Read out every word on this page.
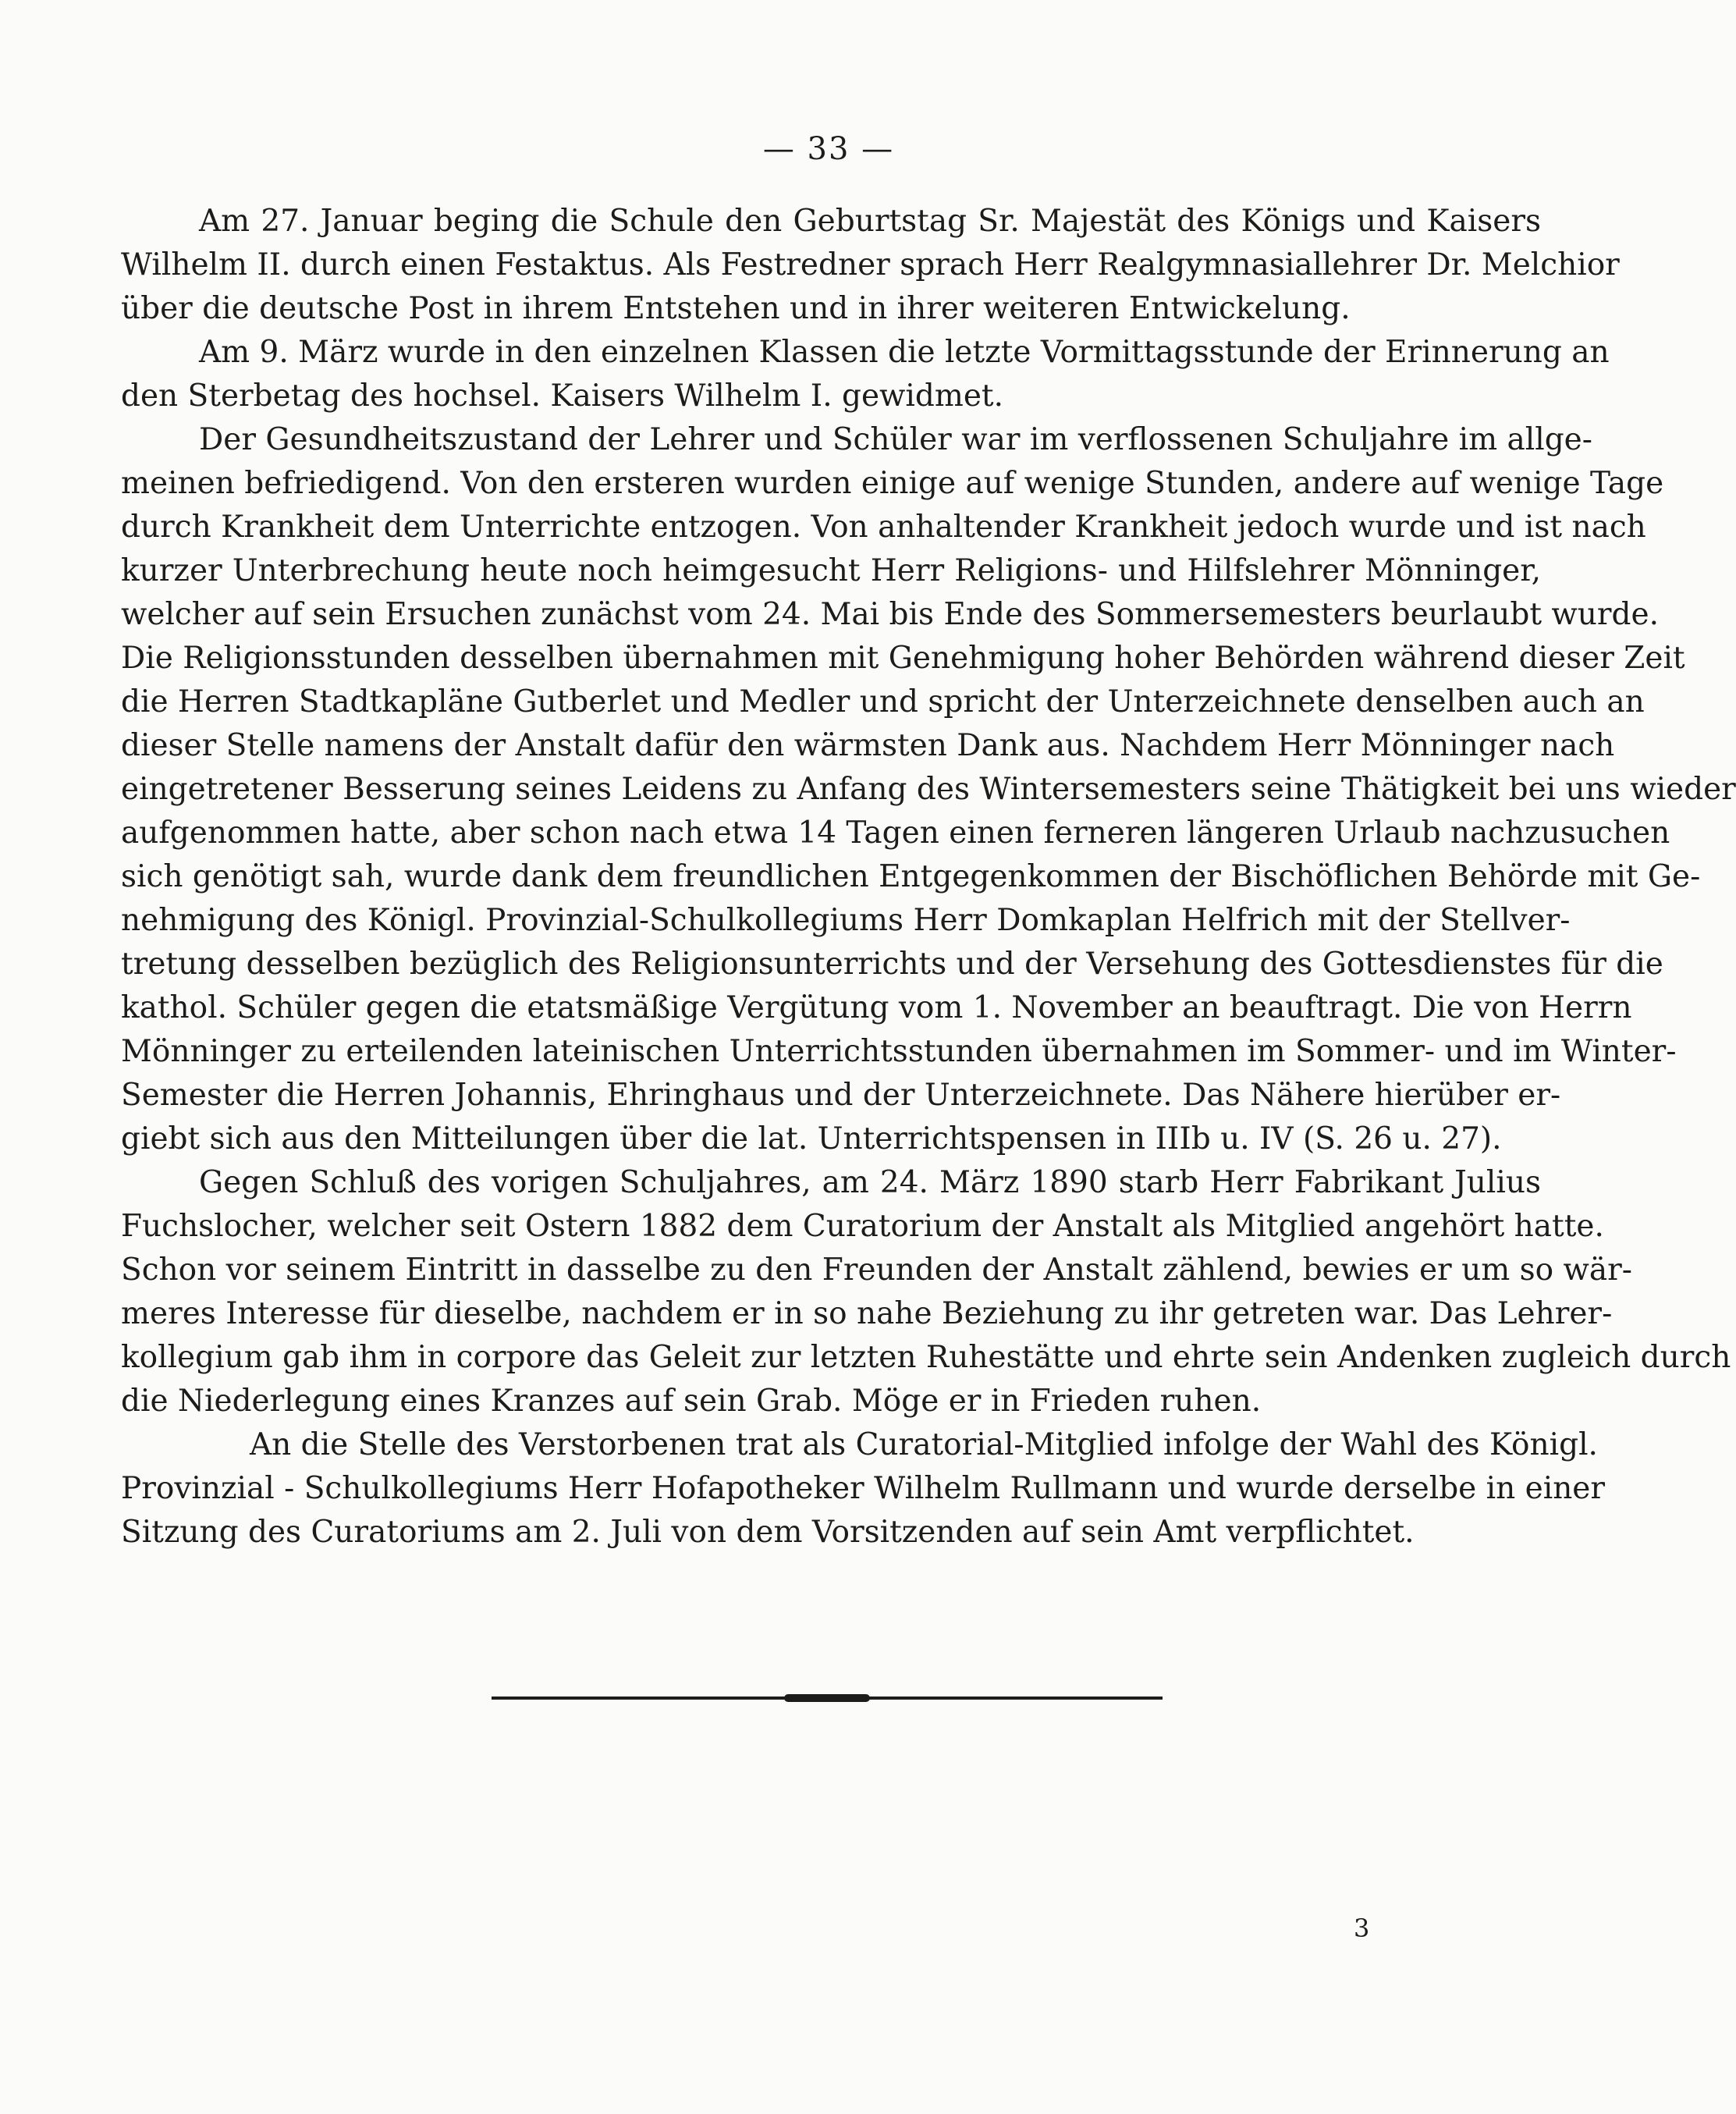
— 33 —
Am 27. Januar beging die Schule den Geburtstag Sr. Majestät des Königs und Kaisers
Wilhelm II. durch einen Festaktus. Als Festredner sprach Herr Realgymnasiallehrer Dr. Melchior
über die deutsche Post in ihrem Entstehen und in ihrer weiteren Entwickelung.
Am 9. März wurde in den einzelnen Klassen die letzte Vormittagsstunde der Erinnerung an
den Sterbetag des hochsel. Kaisers Wilhelm I. gewidmet.
Der Gesundheitszustand der Lehrer und Schüler war im verflossenen Schuljahre im allge-
meinen befriedigend. Von den ersteren wurden einige auf wenige Stunden, andere auf wenige Tage
durch Krankheit dem Unterrichte entzogen. Von anhaltender Krankheit jedoch wurde und ist nach
kurzer Unterbrechung heute noch heimgesucht Herr Religions- und Hilfslehrer Mönninger,
welcher auf sein Ersuchen zunächst vom 24. Mai bis Ende des Sommersemesters beurlaubt wurde.
Die Religionsstunden desselben übernahmen mit Genehmigung hoher Behörden während dieser Zeit
die Herren Stadtkapläne Gutberlet und Medler und spricht der Unterzeichnete denselben auch an
dieser Stelle namens der Anstalt dafür den wärmsten Dank aus. Nachdem Herr Mönninger nach
eingetretener Besserung seines Leidens zu Anfang des Wintersemesters seine Thätigkeit bei uns wieder
aufgenommen hatte, aber schon nach etwa 14 Tagen einen ferneren längeren Urlaub nachzusuchen
sich genötigt sah, wurde dank dem freundlichen Entgegenkommen der Bischöflichen Behörde mit Ge-
nehmigung des Königl. Provinzial-Schulkollegiums Herr Domkaplan Helfrich mit der Stellver-
tretung desselben bezüglich des Religionsunterrichts und der Versehung des Gottesdienstes für die
kathol. Schüler gegen die etatsmäßige Vergütung vom 1. November an beauftragt. Die von Herrn
Mönninger zu erteilenden lateinischen Unterrichtsstunden übernahmen im Sommer- und im Winter-
Semester die Herren Johannis, Ehringhaus und der Unterzeichnete. Das Nähere hierüber er-
giebt sich aus den Mitteilungen über die lat. Unterrichtspensen in IIIb u. IV (S. 26 u. 27).
Gegen Schluß des vorigen Schuljahres, am 24. März 1890 starb Herr Fabrikant Julius
Fuchslocher, welcher seit Ostern 1882 dem Curatorium der Anstalt als Mitglied angehört hatte.
Schon vor seinem Eintritt in dasselbe zu den Freunden der Anstalt zählend, bewies er um so wär-
meres Interesse für dieselbe, nachdem er in so nahe Beziehung zu ihr getreten war. Das Lehrer-
kollegium gab ihm in corpore das Geleit zur letzten Ruhestätte und ehrte sein Andenken zugleich durch
die Niederlegung eines Kranzes auf sein Grab. Möge er in Frieden ruhen.
An die Stelle des Verstorbenen trat als Curatorial-Mitglied infolge der Wahl des Königl.
Provinzial - Schulkollegiums Herr Hofapotheker Wilhelm Rullmann und wurde derselbe in einer
Sitzung des Curatoriums am 2. Juli von dem Vorsitzenden auf sein Amt verpflichtet.
3
